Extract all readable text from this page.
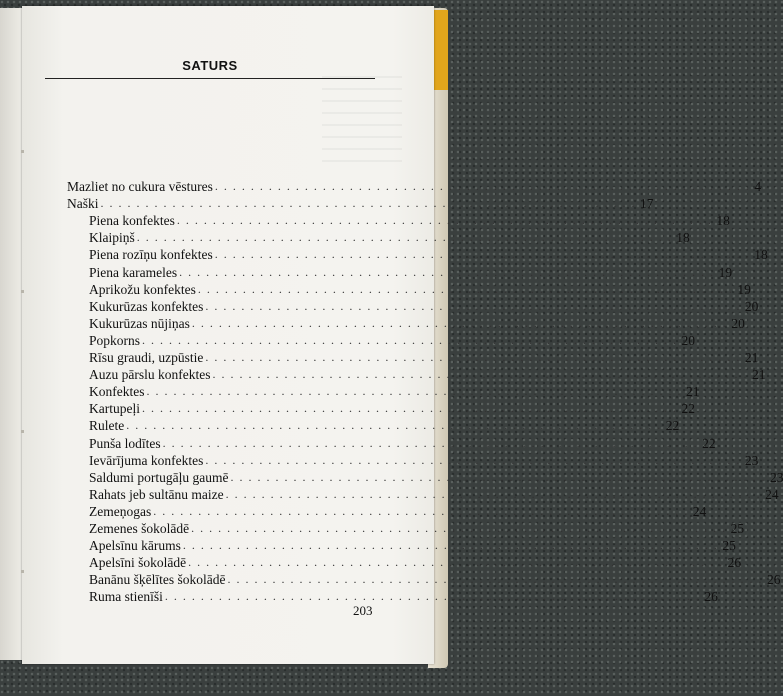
SATURS
Mazliet no cukura vēstures . . . . . . . . . . . . . . . . . . . . . . . . . . . . . . . . . . . . . . . . . . . . . . . . . . . . . . . . . . . . 4
Naški . . . . . . . . . . . . . . . . . . . . . . . . . . . . . . . . . . . . . . . . . . . . . . . . . . . . . . . . . . . . 17
Piena konfektes . . . . . . . . . . . . . . . . . . . . . . . . . . . . . . . . . . . . . . . . . . . . . . . . . . . . . . . . . . . . 18
Klaipiņš . . . . . . . . . . . . . . . . . . . . . . . . . . . . . . . . . . . . . . . . . . . . . . . . . . . . . . . . . . . . 18
Piena rozīņu konfektes . . . . . . . . . . . . . . . . . . . . . . . . . . . . . . . . . . . . . . . . . . . . . . . . . . . . . . . . . . . . 18
Piena karameles . . . . . . . . . . . . . . . . . . . . . . . . . . . . . . . . . . . . . . . . . . . . . . . . . . . . . . . . . . . . 19
Aprikožu konfektes . . . . . . . . . . . . . . . . . . . . . . . . . . . . . . . . . . . . . . . . . . . . . . . . . . . . . . . . . . . . 19
Kukurūzas konfektes . . . . . . . . . . . . . . . . . . . . . . . . . . . . . . . . . . . . . . . . . . . . . . . . . . . . . . . . . . . . 20
Kukurūzas nūjiņas . . . . . . . . . . . . . . . . . . . . . . . . . . . . . . . . . . . . . . . . . . . . . . . . . . . . . . . . . . . . 20
Popkorns . . . . . . . . . . . . . . . . . . . . . . . . . . . . . . . . . . . . . . . . . . . . . . . . . . . . . . . . . . . . 20
Rīsu graudi, uzpūstie . . . . . . . . . . . . . . . . . . . . . . . . . . . . . . . . . . . . . . . . . . . . . . . . . . . . . . . . . . . . 21
Auzu pārslu konfektes . . . . . . . . . . . . . . . . . . . . . . . . . . . . . . . . . . . . . . . . . . . . . . . . . . . . . . . . . . . . 21
Konfektes . . . . . . . . . . . . . . . . . . . . . . . . . . . . . . . . . . . . . . . . . . . . . . . . . . . . . . . . . . . . 21
Kartupeļi . . . . . . . . . . . . . . . . . . . . . . . . . . . . . . . . . . . . . . . . . . . . . . . . . . . . . . . . . . . . 22
Rulete . . . . . . . . . . . . . . . . . . . . . . . . . . . . . . . . . . . . . . . . . . . . . . . . . . . . . . . . . . . . 22
Punša lodītes . . . . . . . . . . . . . . . . . . . . . . . . . . . . . . . . . . . . . . . . . . . . . . . . . . . . . . . . . . . . 22
Ievārījuma konfektes . . . . . . . . . . . . . . . . . . . . . . . . . . . . . . . . . . . . . . . . . . . . . . . . . . . . . . . . . . . . 23
Saldumi portugāļu gaumē . . . . . . . . . . . . . . . . . . . . . . . . . . . . . . . . . . . . . . . . . . . . . . . . . . . . . . . . . . . . 23
Rahats jeb sultānu maize . . . . . . . . . . . . . . . . . . . . . . . . . . . . . . . . . . . . . . . . . . . . . . . . . . . . . . . . . . . . 24
Zemeņogas . . . . . . . . . . . . . . . . . . . . . . . . . . . . . . . . . . . . . . . . . . . . . . . . . . . . . . . . . . . . 24
Zemenes šokolādē . . . . . . . . . . . . . . . . . . . . . . . . . . . . . . . . . . . . . . . . . . . . . . . . . . . . . . . . . . . . 25
Apelsīnu kārums . . . . . . . . . . . . . . . . . . . . . . . . . . . . . . . . . . . . . . . . . . . . . . . . . . . . . . . . . . . . 25
Apelsīni šokolādē . . . . . . . . . . . . . . . . . . . . . . . . . . . . . . . . . . . . . . . . . . . . . . . . . . . . . . . . . . . . 26
Banānu šķēlītes šokolādē . . . . . . . . . . . . . . . . . . . . . . . . . . . . . . . . . . . . . . . . . . . . . . . . . . . . . . . . . . . . 26
Ruma stienīši . . . . . . . . . . . . . . . . . . . . . . . . . . . . . . . . . . . . . . . . . . . . . . . . . . . . . . . . . . . . 26
203
